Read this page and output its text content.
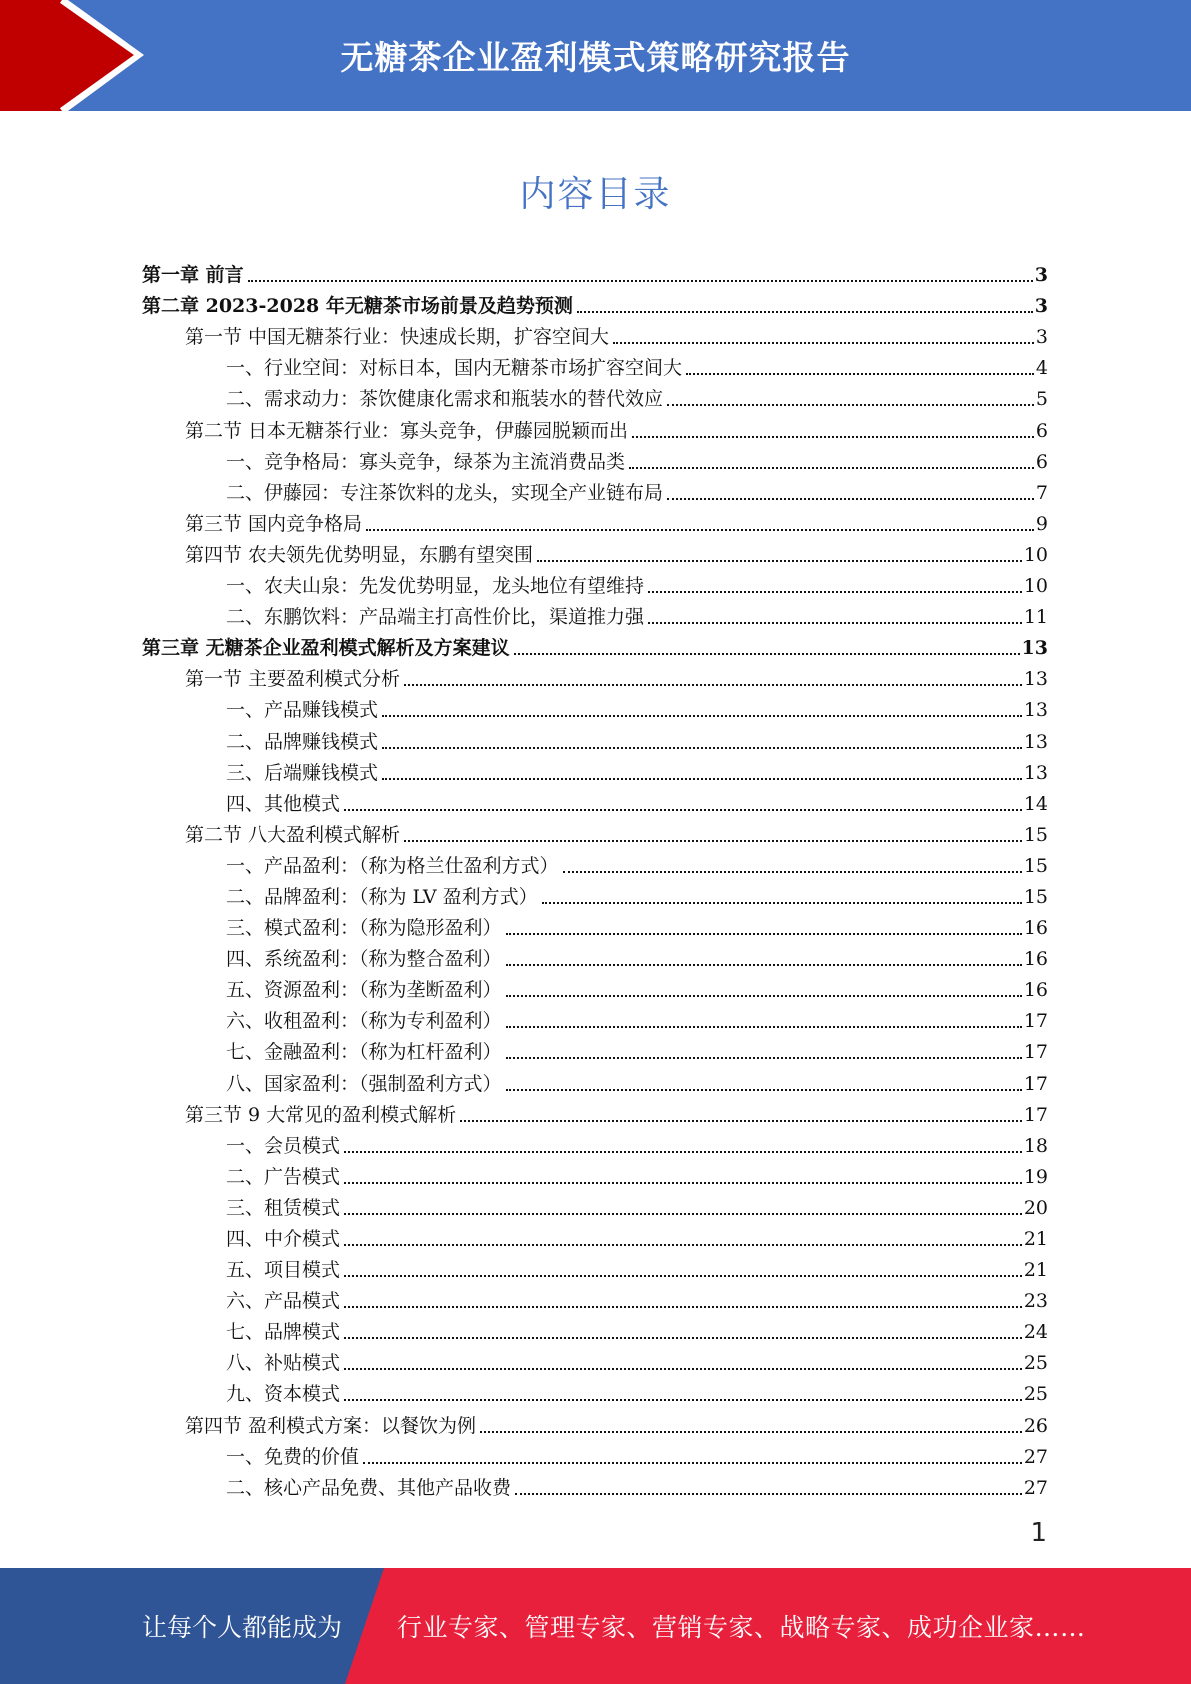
无糖茶企业盈利模式策略研究报告
内容目录
第一章 前言	3
第二章 2023-2028 年无糖茶市场前景及趋势预测	3
第一节 中国无糖茶行业：快速成长期，扩容空间大	3
一、行业空间：对标日本，国内无糖茶市场扩容空间大	4
二、需求动力：茶饮健康化需求和瓶装水的替代效应	5
第二节 日本无糖茶行业：寡头竞争，伊藤园脱颖而出	6
一、竞争格局：寡头竞争，绿茶为主流消费品类	6
二、伊藤园：专注茶饮料的龙头，实现全产业链布局	7
第三节 国内竞争格局	9
第四节 农夫领先优势明显，东鹏有望突围	10
一、农夫山泉：先发优势明显，龙头地位有望维持	10
二、东鹏饮料：产品端主打高性价比，渠道推力强	11
第三章 无糖茶企业盈利模式解析及方案建议	13
第一节 主要盈利模式分析	13
一、产品赚钱模式	13
二、品牌赚钱模式	13
三、后端赚钱模式	13
四、其他模式	14
第二节 八大盈利模式解析	15
一、产品盈利：（称为格兰仕盈利方式）	15
二、品牌盈利：（称为 LV 盈利方式）	15
三、模式盈利：（称为隐形盈利）	16
四、系统盈利：（称为整合盈利）	16
五、资源盈利：（称为垄断盈利）	16
六、收租盈利：（称为专利盈利）	17
七、金融盈利：（称为杠杆盈利）	17
八、国家盈利：（强制盈利方式）	17
第三节 9 大常见的盈利模式解析	17
一、会员模式	18
二、广告模式	19
三、租赁模式	20
四、中介模式	21
五、项目模式	21
六、产品模式	23
七、品牌模式	24
八、补贴模式	25
九、资本模式	25
第四节 盈利模式方案：以餐饮为例	26
一、免费的价值	27
二、核心产品免费、其他产品收费	27
1
让每个人都能成为 行业专家、管理专家、营销专家、战略专家、成功企业家……
